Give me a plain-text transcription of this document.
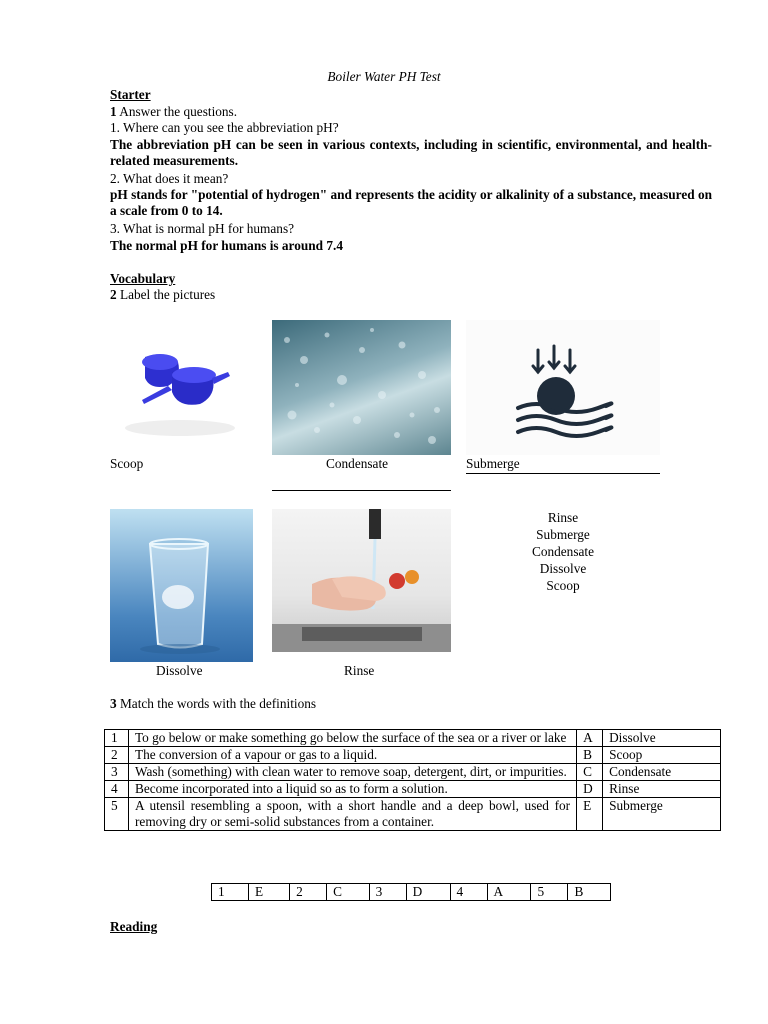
Boiler Water PH Test
Starter
1 Answer the questions.
1. Where can you see the abbreviation pH?
The abbreviation pH can be seen in various contexts, including in scientific, environmental, and health-related measurements.
2. What does it mean?
pH stands for "potential of hydrogen" and represents the acidity or alkalinity of a substance, measured on a scale from 0 to 14.
3. What is normal pH for humans?
The normal pH for humans is around 7.4
Vocabulary
2 Label the pictures
Scoop	Condensate	Submerge
Dissolve	Rinse
Rinse
Submerge
Condensate
Dissolve
Scoop
3 Match the words with the definitions
1	To go below or make something go below the surface of the sea or a river or lake	A	Dissolve
2	The conversion of a vapour or gas to a liquid.	B	Scoop
3	Wash (something) with clean water to remove soap, detergent, dirt, or impurities.	C	Condensate
4	Become incorporated into a liquid so as to form a solution.	D	Rinse
5	A utensil resembling a spoon, with a short handle and a deep bowl, used for removing dry or semi-solid substances from a container.	E	Submerge
1	E	2	C	3	D	4	A	5	B
Reading
